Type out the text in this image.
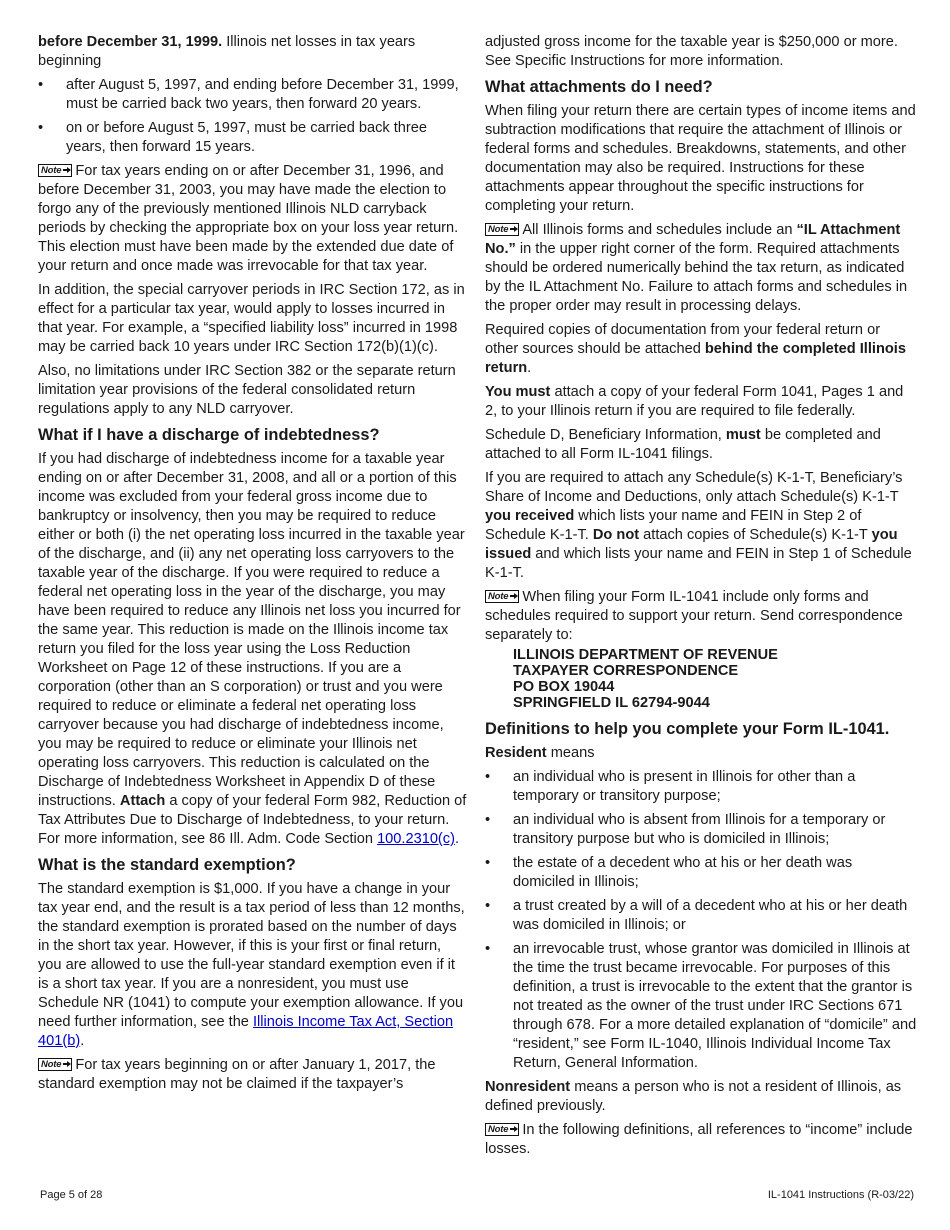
before December 31, 1999. Illinois net losses in tax years beginning

• after August 5, 1997, and ending before December 31, 1999, must be carried back two years, then forward 20 years.
• on or before August 5, 1997, must be carried back three years, then forward 15 years.

Note For tax years ending on or after December 31, 1996, and before December 31, 2003, you may have made the election to forgo any of the previously mentioned Illinois NLD carryback periods by checking the appropriate box on your loss year return. This election must have been made by the extended due date of your return and once made was irrevocable for that tax year.

In addition, the special carryover periods in IRC Section 172, as in effect for a particular tax year, would apply to losses incurred in that year. For example, a “specified liability loss” incurred in 1998 may be carried back 10 years under IRC Section 172(b)(1)(c).

Also, no limitations under IRC Section 382 or the separate return limitation year provisions of the federal consolidated return regulations apply to any NLD carryover.

What if I have a discharge of indebtedness?

If you had discharge of indebtedness income for a taxable year ending on or after December 31, 2008, and all or a portion of this income was excluded from your federal gross income due to bankruptcy or insolvency, then you may be required to reduce either or both (i) the net operating loss incurred in the taxable year of the discharge, and (ii) any net operating loss carryovers to the taxable year of the discharge. If you were required to reduce a federal net operating loss in the year of the discharge, you may have been required to reduce any Illinois net loss you incurred for the same year. This reduction is made on the Illinois income tax return you filed for the loss year using the Loss Reduction Worksheet on Page 12 of these instructions. If you are a corporation (other than an S corporation) or trust and you were required to reduce or eliminate a federal net operating loss carryover because you had discharge of indebtedness income, you may be required to reduce or eliminate your Illinois net operating loss carryovers. This reduction is calculated on the Discharge of Indebtedness Worksheet in Appendix D of these instructions. Attach a copy of your federal Form 982, Reduction of Tax Attributes Due to Discharge of Indebtedness, to your return. For more information, see 86 Ill. Adm. Code Section 100.2310(c).

What is the standard exemption?

The standard exemption is $1,000. If you have a change in your tax year end, and the result is a tax period of less than 12 months, the standard exemption is prorated based on the number of days in the short tax year. However, if this is your first or final return, you are allowed to use the full-year standard exemption even if it is a short tax year. If you are a nonresident, you must use Schedule NR (1041) to compute your exemption allowance. If you need further information, see the Illinois Income Tax Act, Section 401(b).

Note For tax years beginning on or after January 1, 2017, the standard exemption may not be claimed if the taxpayer’s

adjusted gross income for the taxable year is $250,000 or more. See Specific Instructions for more information.

What attachments do I need?

When filing your return there are certain types of income items and subtraction modifications that require the attachment of Illinois or federal forms and schedules. Breakdowns, statements, and other documentation may also be required. Instructions for these attachments appear throughout the specific instructions for completing your return.

Note All Illinois forms and schedules include an “IL Attachment No.” in the upper right corner of the form. Required attachments should be ordered numerically behind the tax return, as indicated by the IL Attachment No. Failure to attach forms and schedules in the proper order may result in processing delays.

Required copies of documentation from your federal return or other sources should be attached behind the completed Illinois return.

You must attach a copy of your federal Form 1041, Pages 1 and 2, to your Illinois return if you are required to file federally.

Schedule D, Beneficiary Information, must be completed and attached to all Form IL-1041 filings.

If you are required to attach any Schedule(s) K-1-T, Beneficiary’s Share of Income and Deductions, only attach Schedule(s) K-1-T you received which lists your name and FEIN in Step 2 of Schedule K-1-T. Do not attach copies of Schedule(s) K-1-T you issued and which lists your name and FEIN in Step 1 of Schedule K-1-T.

Note When filing your Form IL-1041 include only forms and schedules required to support your return. Send correspondence separately to:

ILLINOIS DEPARTMENT OF REVENUE
TAXPAYER CORRESPONDENCE
PO BOX 19044
SPRINGFIELD IL 62794-9044
Definitions to help you complete your Form IL-1041.

Resident means

• an individual who is present in Illinois for other than a temporary or transitory purpose;
• an individual who is absent from Illinois for a temporary or transitory purpose but who is domiciled in Illinois;
• the estate of a decedent who at his or her death was domiciled in Illinois;
• a trust created by a will of a decedent who at his or her death was domiciled in Illinois; or
• an irrevocable trust, whose grantor was domiciled in Illinois at the time the trust became irrevocable. For purposes of this definition, a trust is irrevocable to the extent that the grantor is not treated as the owner of the trust under IRC Sections 671 through 678. For a more detailed explanation of “domicile” and “resident,” see Form IL-1040, Illinois Individual Income Tax Return, General Information.

Nonresident means a person who is not a resident of Illinois, as defined previously.

Note In the following definitions, all references to “income” include losses.

Page 5 of 28	IL-1041 Instructions (R-03/22)
